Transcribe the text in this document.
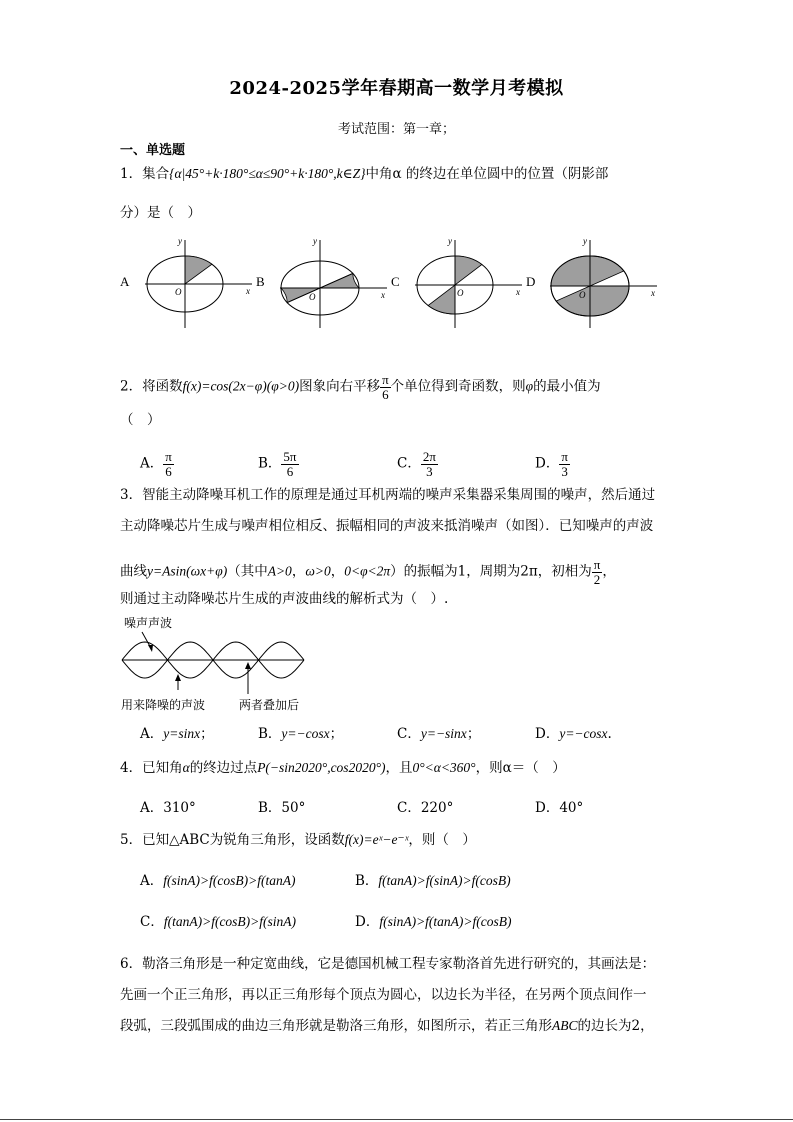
2024-2025学年春期高一数学月考模拟
考试范围：第一章；
一、单选题
1．集合{α|45°+k·180°≤α≤90°+k·180°,k∈Z}中角α 的终边在单位圆中的位置（阴影部
分）是（　）
A
y
x
O
B
y
x
O
C
y
x
O
D
y
x
O
2．将函数f(x)=cos(2x−φ)(φ>0)图象向右平移 $\frac{\pi}{6}$ 个单位得到奇函数，则φ的最小值为
（　）
A． $\frac{\pi}{6}$	B． $\frac{5\pi}{6}$	C． $\frac{2\pi}{3}$	D． $\frac{\pi}{3}$
3．智能主动降噪耳机工作的原理是通过耳机两端的噪声采集器采集周围的噪声，然后通过
主动降噪芯片生成与噪声相位相反、振幅相同的声波来抵消噪声（如图）．已知噪声的声波
曲线y=Asin(ωx+φ)（其中A>0，ω>0，0<φ<2π）的振幅为1，周期为2π，初相为 $\frac{\pi}{2}$ ，
则通过主动降噪芯片生成的声波曲线的解析式为（　）.
噪声声波
用来降噪的声波	两者叠加后
A．y=sinx；	B．y=−cosx；	C．y=−sinx；	D．y=−cosx.
4．已知角α的终边过点P(−sin2020°,cos2020°)，且0°<α<360°，则α＝（　）
A．310°	B．50°	C．220°	D．40°
5．已知△ABC为锐角三角形，设函数f(x)=eˣ−e⁻ˣ，则（　）
A．f(sinA)>f(cosB)>f(tanA)	B．f(tanA)>f(sinA)>f(cosB)
C．f(tanA)>f(cosB)>f(sinA)	D．f(sinA)>f(tanA)>f(cosB)
6．勒洛三角形是一种定宽曲线，它是德国机械工程专家勒洛首先进行研究的，其画法是：
先画一个正三角形，再以正三角形每个顶点为圆心，以边长为半径，在另两个顶点间作一
段弧，三段弧围成的曲边三角形就是勒洛三角形，如图所示，若正三角形ABC的边长为2，
